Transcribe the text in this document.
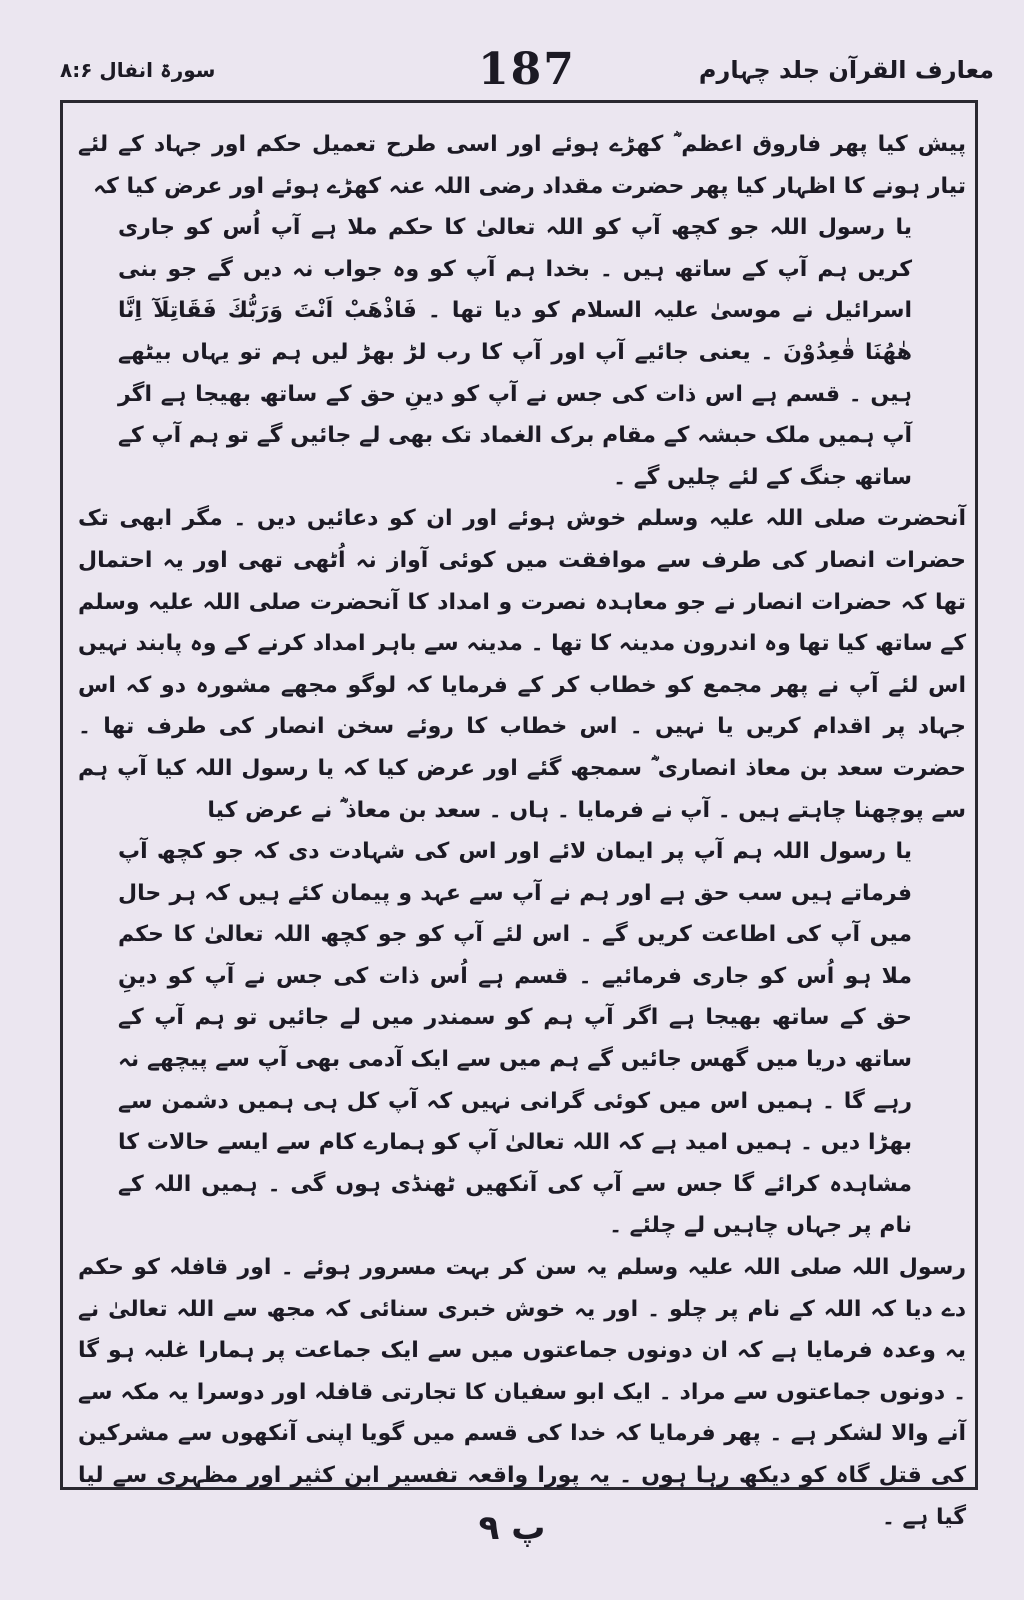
معارف القرآن جلد چہارم
187
سورۃ انفال ۸:۶

پیش کیا پھر فاروق اعظم ؓ کھڑے ہوئے اور اسی طرح تعمیل حکم اور جہاد کے لئے تیار ہونے کا اظہار کیا پھر حضرت مقداد رضی اللہ عنہ کھڑے ہوئے اور عرض کیا کہ

یا رسول اللہ جو کچھ آپ کو اللہ تعالیٰ کا حکم ملا ہے آپ اُس کو جاری کریں ہم آپ کے ساتھ ہیں ۔ بخدا ہم آپ کو وہ جواب نہ دیں گے جو بنی اسرائیل نے موسیٰ علیہ السلام کو دیا تھا ۔ فَاذْهَبْ اَنْتَ وَرَبُّكَ فَقَاتِلَآ اِنَّا هٰهُنَا قٰعِدُوْنَ ۔ یعنی جائیے آپ اور آپ کا رب لڑ بھڑ لیں ہم تو یہاں بیٹھے ہیں ۔ قسم ہے اس ذات کی جس نے آپ کو دینِ حق کے ساتھ بھیجا ہے اگر آپ ہمیں ملک حبشہ کے مقام برک الغماد تک بھی لے جائیں گے تو ہم آپ کے ساتھ جنگ کے لئے چلیں گے ۔

آنحضرت صلی اللہ علیہ وسلم خوش ہوئے اور ان کو دعائیں دیں ۔ مگر ابھی تک حضرات انصار کی طرف سے موافقت میں کوئی آواز نہ اُٹھی تھی اور یہ احتمال تھا کہ حضرات انصار نے جو معاہدہ نصرت و امداد کا آنحضرت صلی اللہ علیہ وسلم کے ساتھ کیا تھا وہ اندرون مدینہ کا تھا ۔ مدینہ سے باہر امداد کرنے کے وہ پابند نہیں اس لئے آپ نے پھر مجمع کو خطاب کر کے فرمایا کہ لوگو مجھے مشورہ دو کہ اس جہاد پر اقدام کریں یا نہیں ۔ اس خطاب کا روئے سخن انصار کی طرف تھا ۔ حضرت سعد بن معاذ انصاری ؓ سمجھ گئے اور عرض کیا کہ یا رسول اللہ کیا آپ ہم سے پوچھنا چاہتے ہیں ۔ آپ نے فرمایا ۔ ہاں ۔ سعد بن معاذ ؓ نے عرض کیا

یا رسول اللہ ہم آپ پر ایمان لائے اور اس کی شہادت دی کہ جو کچھ آپ فرماتے ہیں سب حق ہے اور ہم نے آپ سے عہد و پیمان کئے ہیں کہ ہر حال میں آپ کی اطاعت کریں گے ۔ اس لئے آپ کو جو کچھ اللہ تعالیٰ کا حکم ملا ہو اُس کو جاری فرمائیے ۔ قسم ہے اُس ذات کی جس نے آپ کو دینِ حق کے ساتھ بھیجا ہے اگر آپ ہم کو سمندر میں لے جائیں تو ہم آپ کے ساتھ دریا میں گھس جائیں گے ہم میں سے ایک آدمی بھی آپ سے پیچھے نہ رہے گا ۔ ہمیں اس میں کوئی گرانی نہیں کہ آپ کل ہی ہمیں دشمن سے بھڑا دیں ۔ ہمیں امید ہے کہ اللہ تعالیٰ آپ کو ہمارے کام سے ایسے حالات کا مشاہدہ کرائے گا جس سے آپ کی آنکھیں ٹھنڈی ہوں گی ۔ ہمیں اللہ کے نام پر جہاں چاہیں لے چلئے ۔

رسول اللہ صلی اللہ علیہ وسلم یہ سن کر بہت مسرور ہوئے ۔ اور قافلہ کو حکم دے دیا کہ اللہ کے نام پر چلو ۔ اور یہ خوش خبری سنائی کہ مجھ سے اللہ تعالیٰ نے یہ وعدہ فرمایا ہے کہ ان دونوں جماعتوں میں سے ایک جماعت پر ہمارا غلبہ ہو گا ۔ دونوں جماعتوں سے مراد ۔ ایک ابو سفیان کا تجارتی قافلہ اور دوسرا یہ مکہ سے آنے والا لشکر ہے ۔ پھر فرمایا کہ خدا کی قسم میں گویا اپنی آنکھوں سے مشرکین کی قتل گاہ کو دیکھ رہا ہوں ۔ یہ پورا واقعہ تفسیر ابن کثیر اور مظہری سے لیا گیا ہے ۔

پ ۹
